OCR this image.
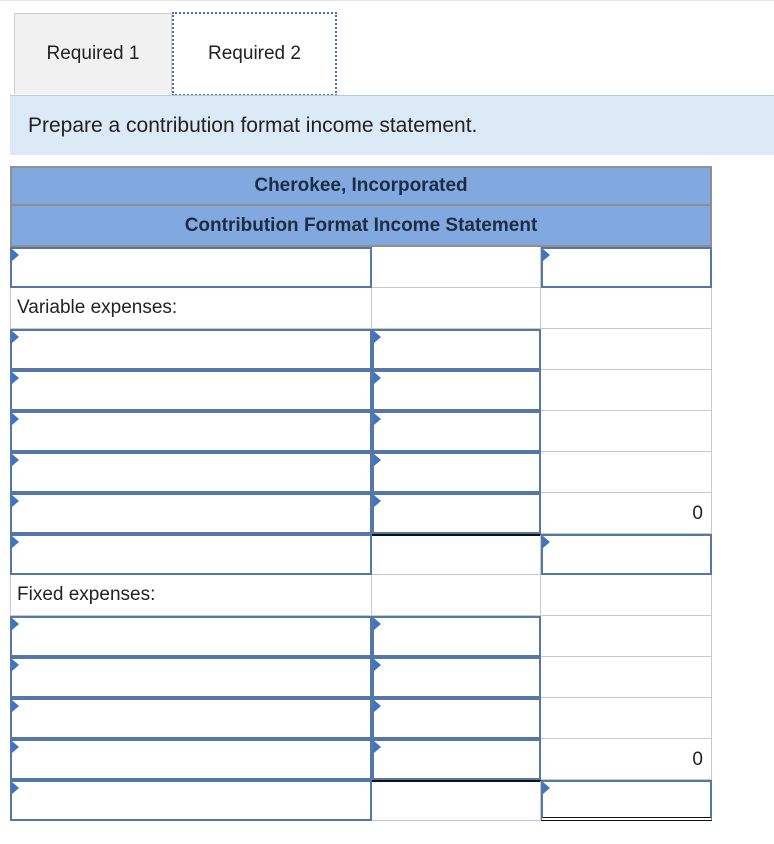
Required 1	Required 2
Prepare a contribution format income statement.
Cherokee, Incorporated
Contribution Format Income Statement
Variable expenses:
0
Fixed expenses:
0
